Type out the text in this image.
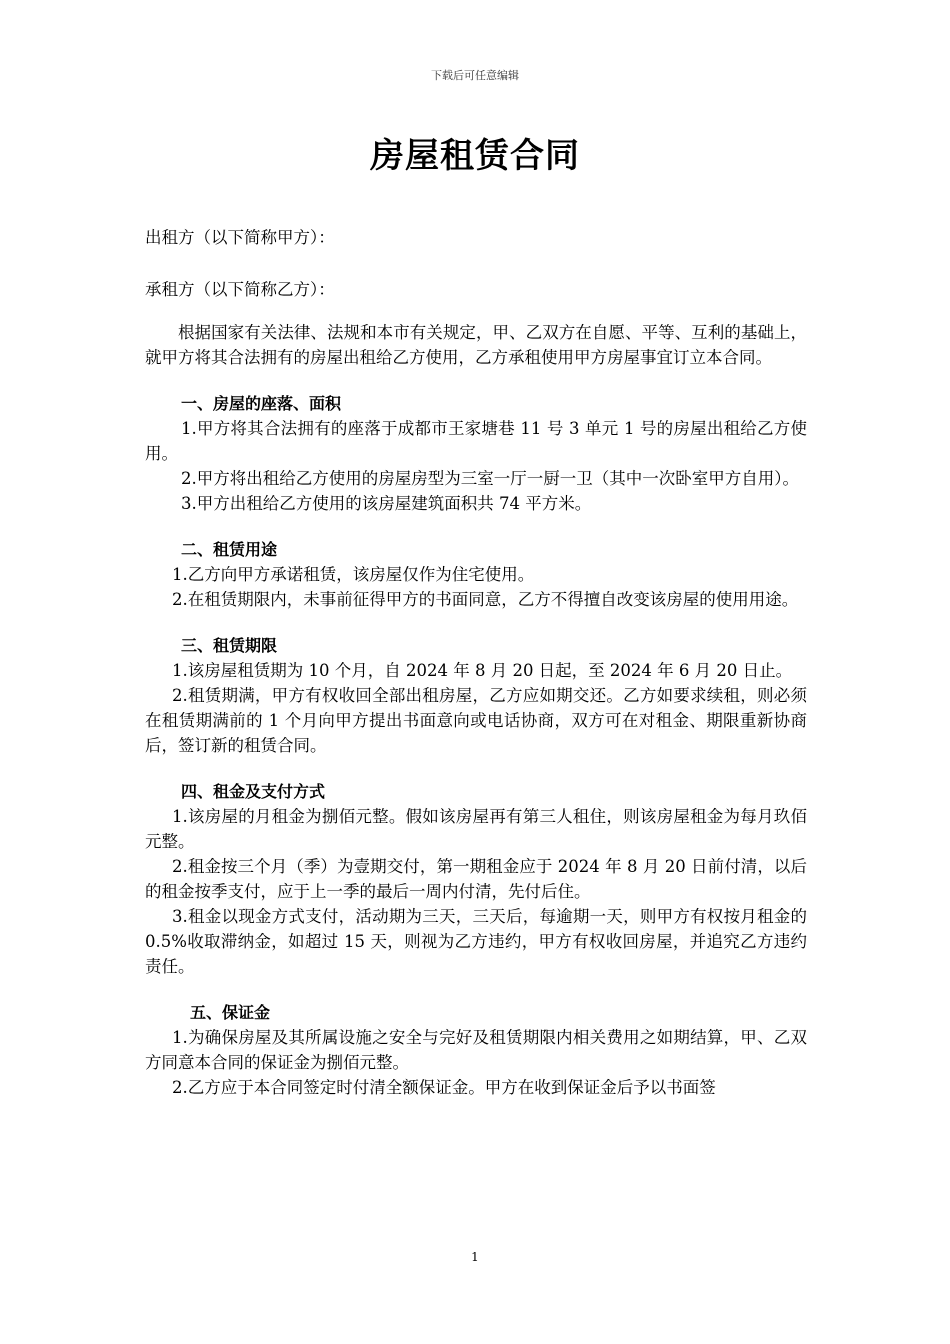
下载后可任意编辑
房屋租赁合同

出租方（以下简称甲方）：

承租方（以下简称乙方）：

根据国家有关法律、法规和本市有关规定，甲、乙双方在自愿、平等、互利的基础上，就甲方将其合法拥有的房屋出租给乙方使用，乙方承租使用甲方房屋事宜订立本合同。

一、房屋的座落、面积

1.甲方将其合法拥有的座落于成都市王家塘巷 11 号 3 单元 1 号的房屋出租给乙方使用。

2.甲方将出租给乙方使用的房屋房型为三室一厅一厨一卫（其中一次卧室甲方自用）。

3.甲方出租给乙方使用的该房屋建筑面积共 74 平方米。

二、租赁用途

1.乙方向甲方承诺租赁，该房屋仅作为住宅使用。

2.在租赁期限内，未事前征得甲方的书面同意，乙方不得擅自改变该房屋的使用用途。

三、租赁期限

1.该房屋租赁期为 10 个月，自 2024 年 8 月 20 日起，至 2024 年 6 月 20 日止。

2.租赁期满，甲方有权收回全部出租房屋，乙方应如期交还。乙方如要求续租，则必须在租赁期满前的 1 个月向甲方提出书面意向或电话协商，双方可在对租金、期限重新协商后，签订新的租赁合同。

四、租金及支付方式

1.该房屋的月租金为捌佰元整。假如该房屋再有第三人租住，则该房屋租金为每月玖佰元整。

2.租金按三个月（季）为壹期交付，第一期租金应于 2024 年 8 月 20 日前付清，以后的租金按季支付，应于上一季的最后一周内付清，先付后住。

3.租金以现金方式支付，活动期为三天，三天后，每逾期一天，则甲方有权按月租金的 0.5%收取滞纳金，如超过 15 天，则视为乙方违约，甲方有权收回房屋，并追究乙方违约责任。

五、保证金

1.为确保房屋及其所属设施之安全与完好及租赁期限内相关费用之如期结算，甲、乙双方同意本合同的保证金为捌佰元整。

2.乙方应于本合同签定时付清全额保证金。甲方在收到保证金后予以书面签

1
